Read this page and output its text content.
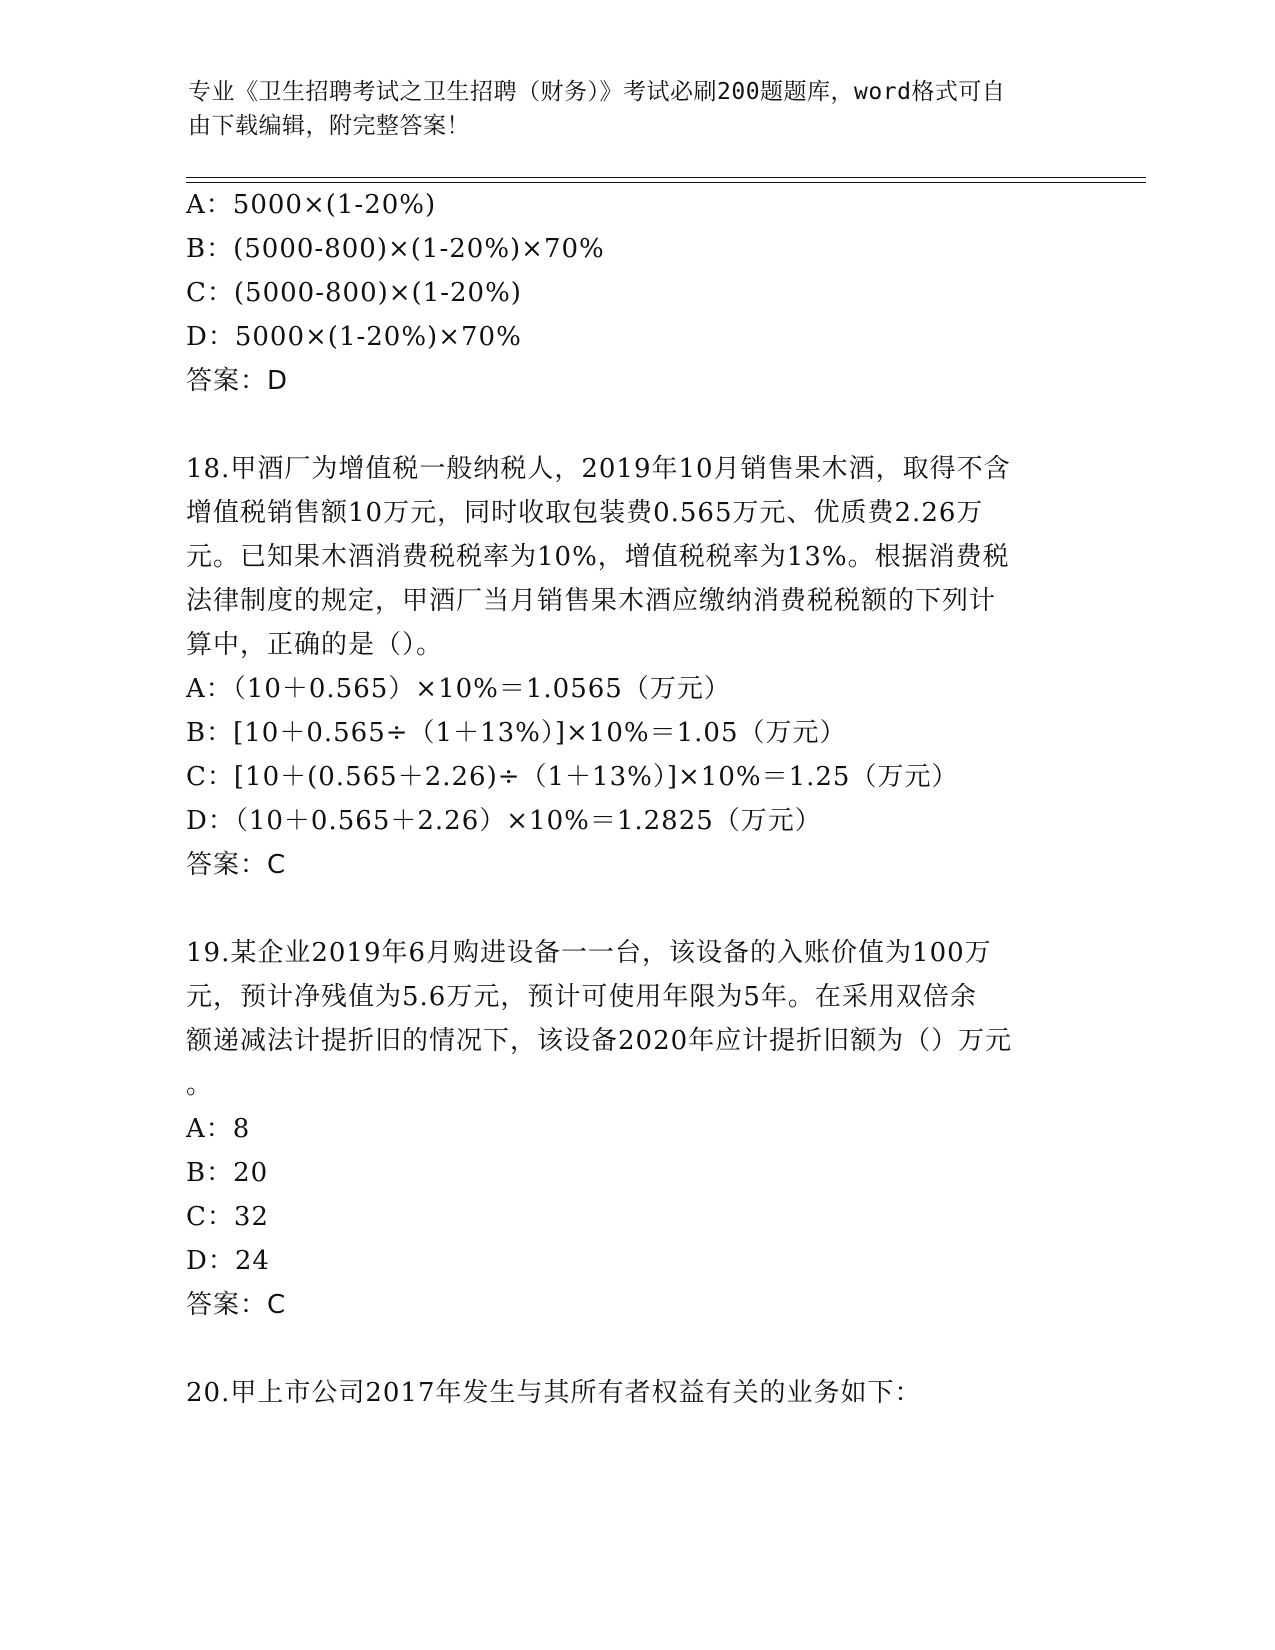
专业《卫生招聘考试之卫生招聘（财务）》考试必刷200题题库，word格式可自
由下载编辑，附完整答案！
A：5000×(1-20%)
B：(5000-800)×(1-20%)×70%
C：(5000-800)×(1-20%)
D：5000×(1-20%)×70%
答案：D
18.甲酒厂为增值税一般纳税人，2019年10月销售果木酒，取得不含
增值税销售额10万元，同时收取包装费0.565万元、优质费2.26万
元。已知果木酒消费税税率为10%，增值税税率为13%。根据消费税
法律制度的规定，甲酒厂当月销售果木酒应缴纳消费税税额的下列计
算中，正确的是（）。
A：（10＋0.565）×10%＝1.0565（万元）
B：[10＋0.565÷（1＋13%）]×10%＝1.05（万元）
C：[10＋(0.565＋2.26)÷（1＋13%）]×10%＝1.25（万元）
D：（10＋0.565＋2.26）×10%＝1.2825（万元）
答案：C
19.某企业2019年6月购进设备一一台，该设备的入账价值为100万
元，预计净残值为5.6万元，预计可使用年限为5年。在采用双倍余
额递减法计提折旧的情况下，该设备2020年应计提折旧额为（）万元
。
A：8
B：20
C：32
D：24
答案：C
20.甲上市公司2017年发生与其所有者权益有关的业务如下：
